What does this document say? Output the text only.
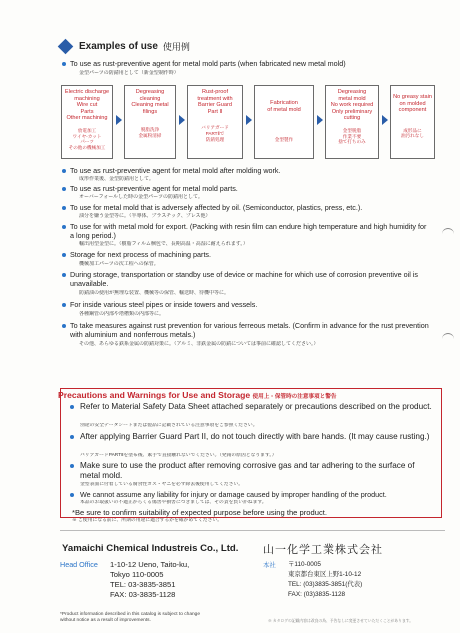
Examples of use 使用例
To use as rust-preventive agent for metal mold parts (when fabricated new metal mold)
金型パーツの防錆用として（新金型制作時）
Electric discharge
machining
Wire cut
Parts
Other machining
放電加工
ワイヤ-カット
パーツ
その他の機械加工
Degreasing
cleaning
Cleaning metal
filings
脱脂洗浄
金属粉清掃
Rust-proof
treatment with
Barrier Guard
Part Ⅱ
バリアガード
PARTⅡで
防錆処理
Fabrication
of metal mold
金型製作
Degreasing
metal mold
No work required
Only preliminary
cutting
金型脱脂
作業不要
捨て打ちのみ
No greasy stain
on molded
component
成形品に
油汚れなし
To use as rust-preventive agent for metal mold after molding work.
成形作業後、金型防錆用として。
To use as rust-preventive agent for metal mold parts.
オーバーフォールした時の金型パーツの防錆用として。
To use for metal mold that is adversely affected by oil. (Semiconductor, plastics, press, etc.).
油分を嫌う金型等に。（半導体、プラスチック、プレス他）
To use for with metal mold for export. (Packing with resin film can endure high temperature and high humidity for a long period.)
輸出用型金型に。（樹脂フィルム梱包で、長期高温・高湿に耐えられます。）
Storage for next process of machining parts.
機械加工パーツの次工程への保管。
During storage, transportation or standby use of device or machine for which use of corrosion preventive oil is unavailable.
防錆油の使用が無理な装置、機械等の保管、輸送時、待機中等に。
For inside various steel pipes or inside towers and vessels.
各種鋼管の内部や塔槽類の内部等に。
To take measures against rust prevention for various ferreous metals. (Confirm in advance for the rust prevention with aluminium and nonferrous metals.)
その他、あらゆる鉄系金属の防錆対策に。（アルミ、非鉄金属の防錆については事前に確認してください。）
Precautions and Warnings for Use and Storage 使用上・保管時の注意事項と警告
Refer to Material Safety Data Sheet attached separately or precautions described on the product.
別途の安全データシートまたは製品に記載されている注意事項をご参照ください。
After applying Barrier Guard Part II, do not touch directly with bare hands. (It may cause rusting.)
バリアガードPARTⅡを塗布後、素手で直接触れないでください。（発錆の原因となります。）
Make sure to use the product after removing corrosive gas and tar adhering to the surface of metal mold.
金型表面に付着している腐食性ガス・ヤニを必ず除去後使用してください。
We cannot assume any liability for injury or damage caused by improper handling of the product.
本品のお取扱いの不適正からくる傷害や損害につきましては、その責を負いかねます。
*Be sure to confirm suitability of expected purpose before using the product.
※ ご使用になる前に、所期の用途に適合するかを確かめてください。
Yamaichi Chemical Industreis Co., Ltd. 山一化学工業株式会社
Head Office 1-10-12 Ueno, Taito-ku,
Tokyo 110-0005
TEL: 03-3835-3851
FAX: 03-3835-1128
本社 〒110-0005
東京都台東区上野1-10-12
TEL: (03)3835-3851(代表)
FAX: (03)3835-1128
*Product information described in this catalog is subject to change
without notice as a result of improvements.	※ カタログの記載内容は改良の為、予告なしに変更させていただくことがあります。
